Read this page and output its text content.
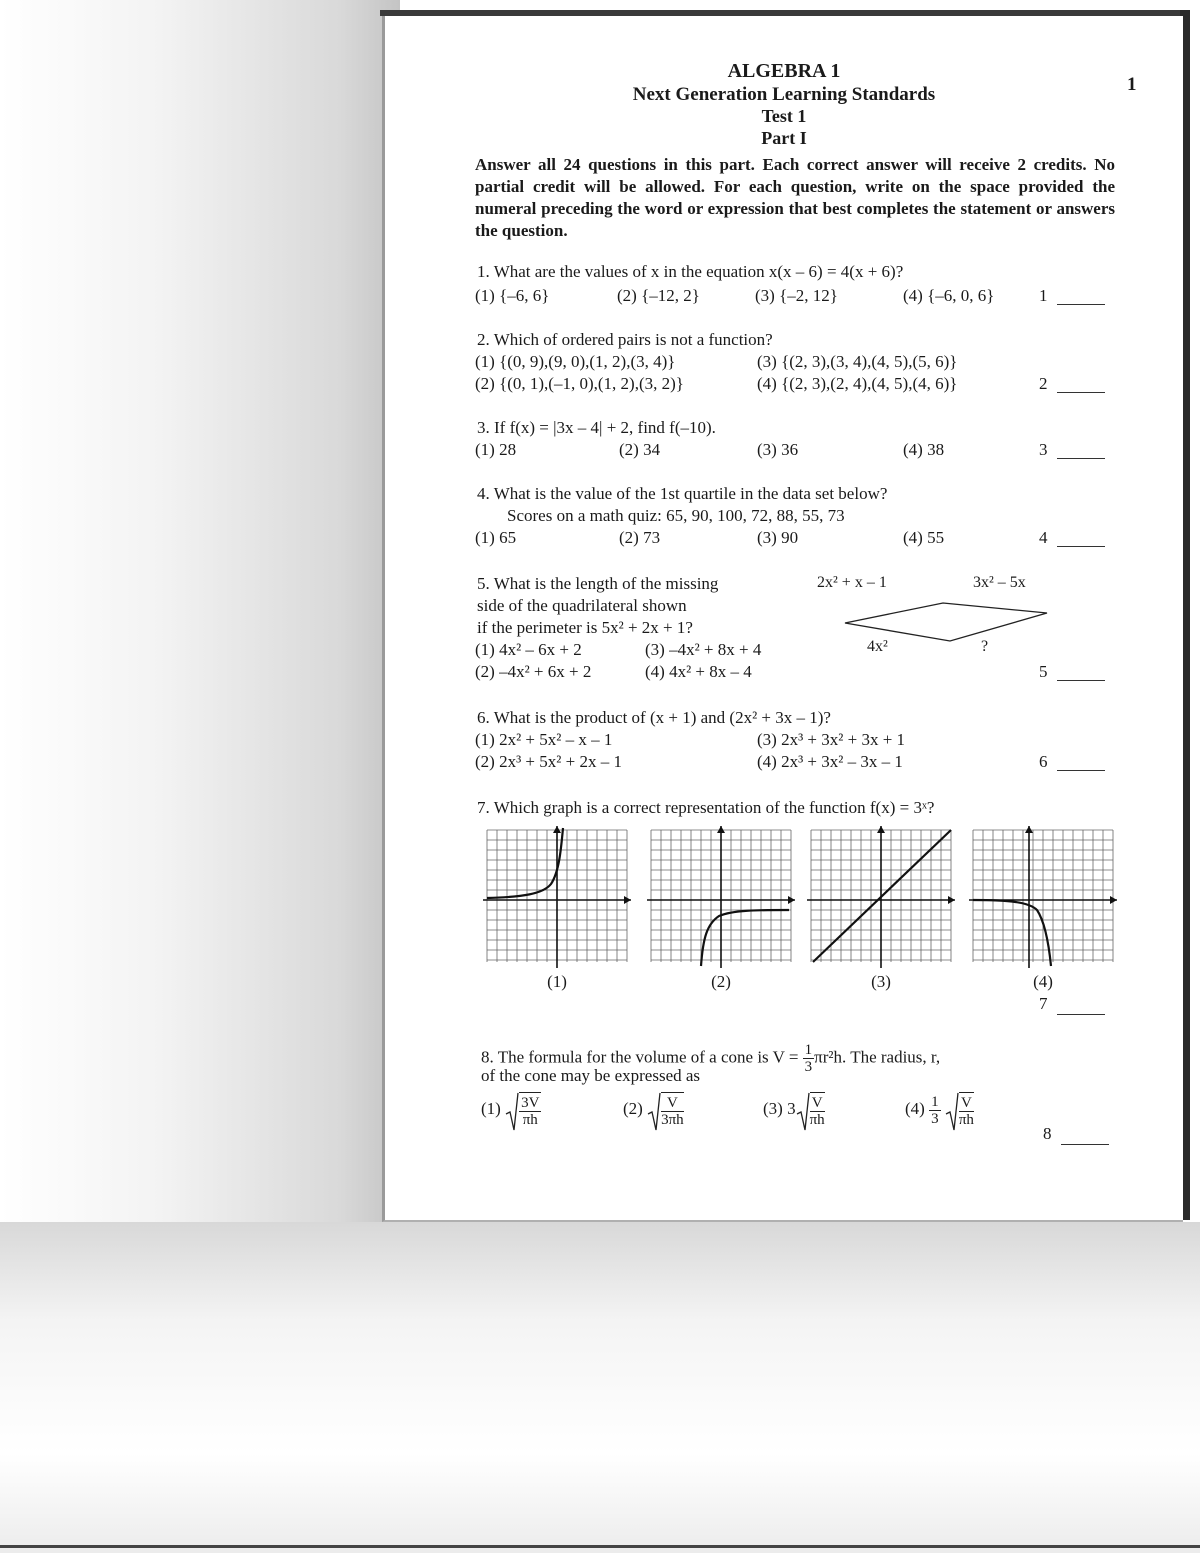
ALGEBRA 1
Next Generation Learning Standards
Test 1
Part I
1
Answer all 24 questions in this part. Each correct answer will receive 2 credits. No partial credit will be allowed. For each question, write on the space provided the numeral preceding the word or expression that best completes the statement or answers the question.
1. What are the values of x in the equation x(x – 6) = 4(x + 6)?
(1) {–6, 6}	(2) {–12, 2}	(3) {–2, 12}	(4) {–6, 0, 6}	1
2. Which of ordered pairs is not a function?
(1) {(0, 9),(9, 0),(1, 2),(3, 4)}	(3) {(2, 3),(3, 4),(4, 5),(5, 6)}
(2) {(0, 1),(–1, 0),(1, 2),(3, 2)}	(4) {(2, 3),(2, 4),(4, 5),(4, 6)}	2
3. If f(x) = |3x – 4| + 2, find f(–10).
(1) 28	(2) 34	(3) 36	(4) 38	3
4. What is the value of the 1st quartile in the data set below?
Scores on a math quiz: 65, 90, 100, 72, 88, 55, 73
(1) 65	(2) 73	(3) 90	(4) 55	4
5. What is the length of the missing
side of the quadrilateral shown
if the perimeter is 5x² + 2x + 1?
(1) 4x² – 6x + 2	(3) –4x² + 8x + 4
(2) –4x² + 6x + 2	(4) 4x² + 8x – 4
2x² + x – 1	3x² – 5x
4x²	?
5
6. What is the product of (x + 1) and (2x² + 3x – 1)?
(1) 2x² + 5x² – x – 1	(3) 2x³ + 3x² + 3x + 1
(2) 2x³ + 5x² + 2x – 1	(4) 2x³ + 3x² – 3x – 1	6
7. Which graph is a correct representation of the function f(x) = 3ˣ?
(1)	(2)	(3)	(4)
7
8. The formula for the volume of a cone is $V = \frac{1}{3} \pi r^2h$. The radius, r,
of the cone may be expressed as
$(1) \frac{3V}{\pi h}$	$(2) \frac{V}{3\pi h}$	(3) $3 \frac{V}{\pi h}$	$(4) \frac{1}{3}$
$\frac{V}{\pi h}$
8
